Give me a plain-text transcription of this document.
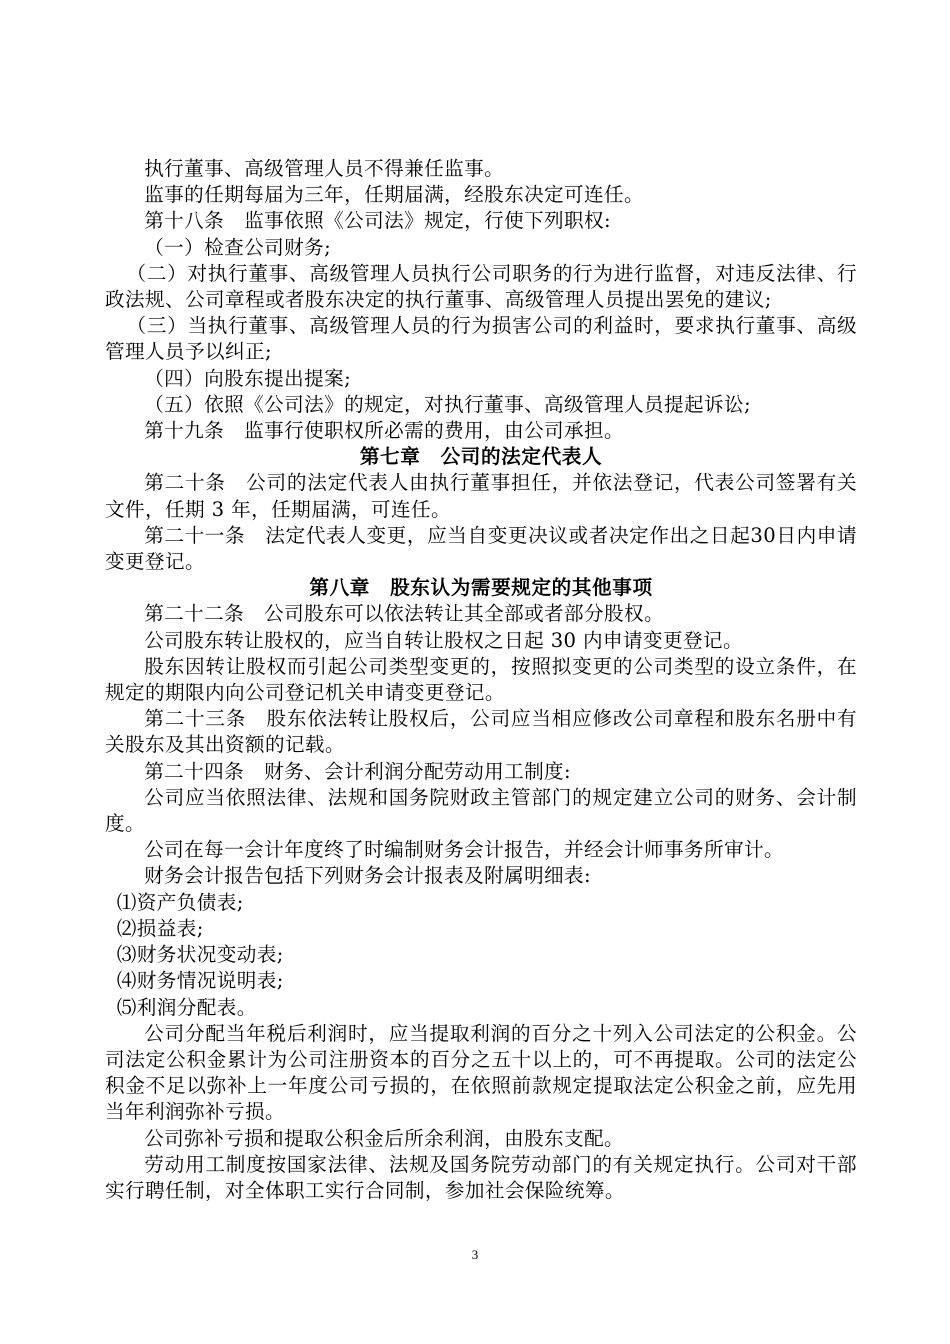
执行董事、高级管理人员不得兼任监事。

监事的任期每届为三年，任期届满，经股东决定可连任。

第十八条　监事依照《公司法》规定，行使下列职权:

（一）检查公司财务;

（二）对执行董事、高级管理人员执行公司职务的行为进行监督，对违反法律、行政法规、公司章程或者股东决定的执行董事、高级管理人员提出罢免的建议;

（三）当执行董事、高级管理人员的行为损害公司的利益时，要求执行董事、高级管理人员予以纠正;

（四）向股东提出提案;

（五）依照《公司法》的规定，对执行董事、高级管理人员提起诉讼;

第十九条　监事行使职权所必需的费用，由公司承担。

第七章　公司的法定代表人

第二十条　公司的法定代表人由执行董事担任，并依法登记，代表公司签署有关文件，任期 3 年，任期届满，可连任。

第二十一条　法定代表人变更，应当自变更决议或者决定作出之日起30日内申请变更登记。

第八章　股东认为需要规定的其他事项

第二十二条　公司股东可以依法转让其全部或者部分股权。

公司股东转让股权的，应当自转让股权之日起 30 内申请变更登记。

股东因转让股权而引起公司类型变更的，按照拟变更的公司类型的设立条件，在规定的期限内向公司登记机关申请变更登记。

第二十三条　股东依法转让股权后，公司应当相应修改公司章程和股东名册中有关股东及其出资额的记载。

第二十四条　财务、会计利润分配劳动用工制度:

公司应当依照法律、法规和国务院财政主管部门的规定建立公司的财务、会计制度。

公司在每一会计年度终了时编制财务会计报告，并经会计师事务所审计。

财务会计报告包括下列财务会计报表及附属明细表:

⑴资产负债表;

⑵损益表;

⑶财务状况变动表;

⑷财务情况说明表;

⑸利润分配表。

公司分配当年税后利润时，应当提取利润的百分之十列入公司法定的公积金。公司法定公积金累计为公司注册资本的百分之五十以上的，可不再提取。公司的法定公积金不足以弥补上一年度公司亏损的，在依照前款规定提取法定公积金之前，应先用当年利润弥补亏损。

公司弥补亏损和提取公积金后所余利润，由股东支配。

劳动用工制度按国家法律、法规及国务院劳动部门的有关规定执行。公司对干部实行聘任制，对全体职工实行合同制，参加社会保险统筹。

3
